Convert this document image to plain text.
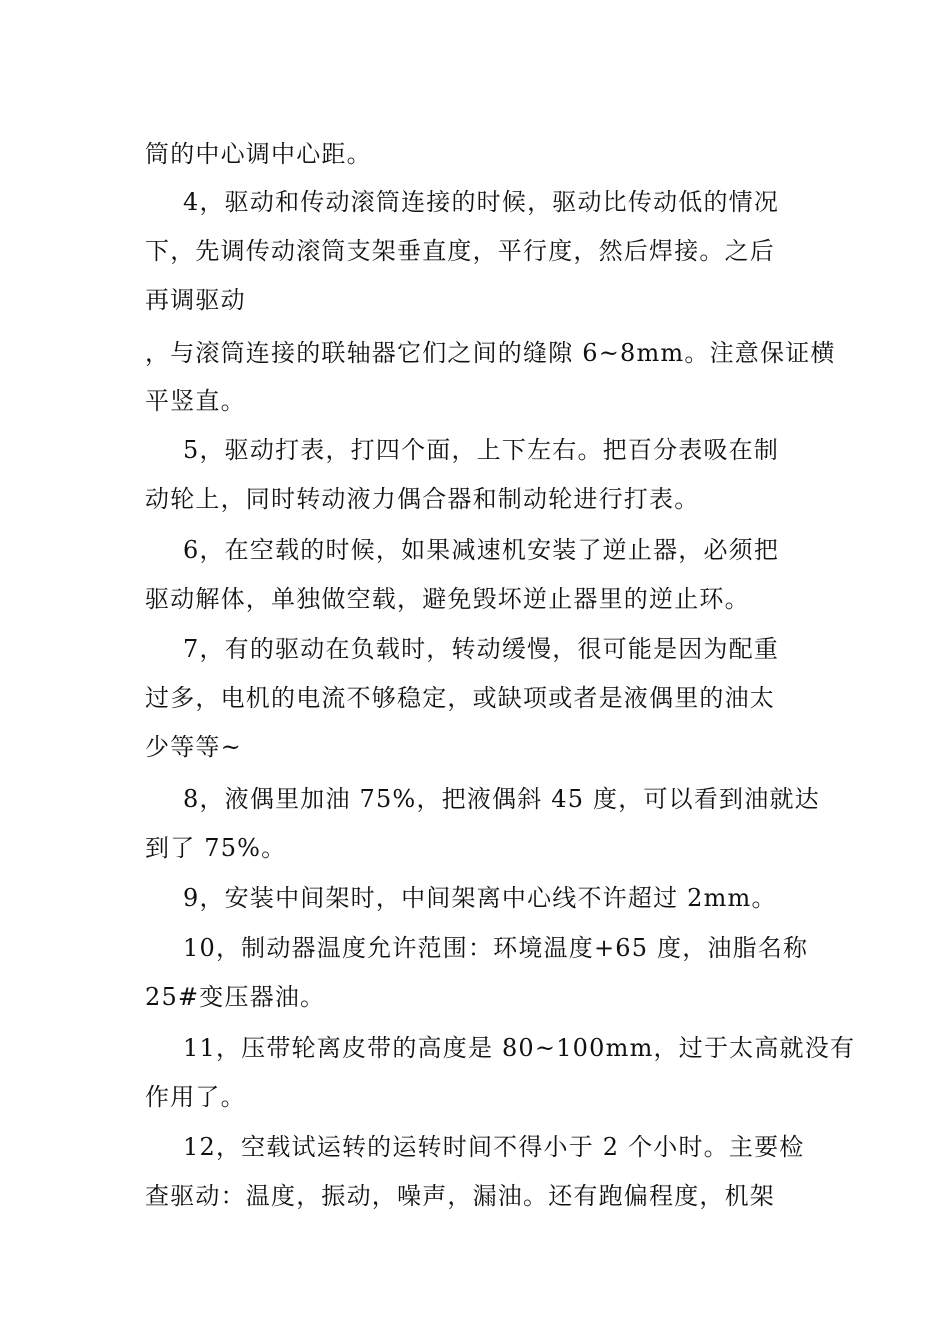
筒的中心调中心距。
4，驱动和传动滚筒连接的时候，驱动比传动低的情况
下，先调传动滚筒支架垂直度，平行度，然后焊接。之后
再调驱动
，与滚筒连接的联轴器它们之间的缝隙 6~8mm。注意保证横
平竖直。
5，驱动打表，打四个面，上下左右。把百分表吸在制
动轮上，同时转动液力偶合器和制动轮进行打表。
6，在空载的时候，如果减速机安装了逆止器，必须把
驱动解体，单独做空载，避免毁坏逆止器里的逆止环。
7，有的驱动在负载时，转动缓慢，很可能是因为配重
过多，电机的电流不够稳定，或缺项或者是液偶里的油太
少等等~
8，液偶里加油 75%，把液偶斜 45 度，可以看到油就达
到了 75%。
9，安装中间架时，中间架离中心线不许超过 2mm。
10，制动器温度允许范围：环境温度+65 度，油脂名称
25#变压器油。
11，压带轮离皮带的高度是 80~100mm，过于太高就没有
作用了。
12，空载试运转的运转时间不得小于 2 个小时。主要检
查驱动：温度，振动，噪声，漏油。还有跑偏程度，机架
